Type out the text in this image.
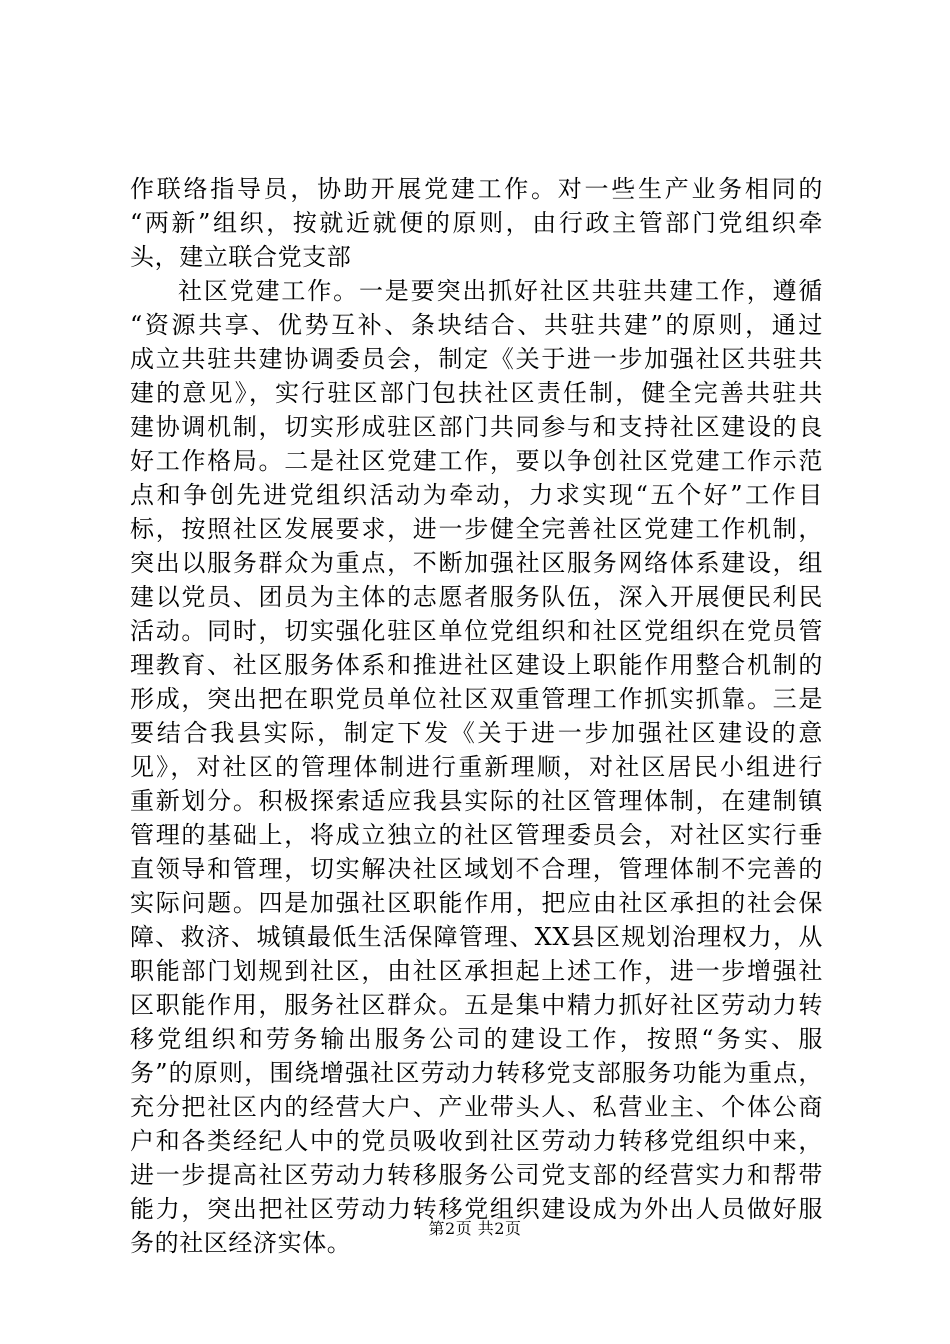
作联络指导员，协助开展党建工作。对一些生产业务相同的
“两新”组织，按就近就便的原则，由行政主管部门党组织牵
头，建立联合党支部
社区党建工作。一是要突出抓好社区共驻共建工作，遵循
“资源共享、优势互补、条块结合、共驻共建”的原则，通过
成立共驻共建协调委员会，制定《关于进一步加强社区共驻共
建的意见》，实行驻区部门包扶社区责任制，健全完善共驻共
建协调机制，切实形成驻区部门共同参与和支持社区建设的良
好工作格局。二是社区党建工作，要以争创社区党建工作示范
点和争创先进党组织活动为牵动，力求实现“五个好”工作目
标，按照社区发展要求，进一步健全完善社区党建工作机制，
突出以服务群众为重点，不断加强社区服务网络体系建设，组
建以党员、团员为主体的志愿者服务队伍，深入开展便民利民
活动。同时，切实强化驻区单位党组织和社区党组织在党员管
理教育、社区服务体系和推进社区建设上职能作用整合机制的
形成，突出把在职党员单位社区双重管理工作抓实抓靠。三是
要结合我县实际，制定下发《关于进一步加强社区建设的意
见》，对社区的管理体制进行重新理顺，对社区居民小组进行
重新划分。积极探索适应我县实际的社区管理体制，在建制镇
管理的基础上，将成立独立的社区管理委员会，对社区实行垂
直领导和管理，切实解决社区域划不合理，管理体制不完善的
实际问题。四是加强社区职能作用，把应由社区承担的社会保
障、救济、城镇最低生活保障管理、XX县区规划治理权力，从
职能部门划规到社区，由社区承担起上述工作，进一步增强社
区职能作用，服务社区群众。五是集中精力抓好社区劳动力转
移党组织和劳务输出服务公司的建设工作，按照“务实、服
务”的原则，围绕增强社区劳动力转移党支部服务功能为重点，
充分把社区内的经营大户、产业带头人、私营业主、个体公商
户和各类经纪人中的党员吸收到社区劳动力转移党组织中来，
进一步提高社区劳动力转移服务公司党支部的经营实力和帮带
能力，突出把社区劳动力转移党组织建设成为外出人员做好服
务的社区经济实体。
第2页 共2页
